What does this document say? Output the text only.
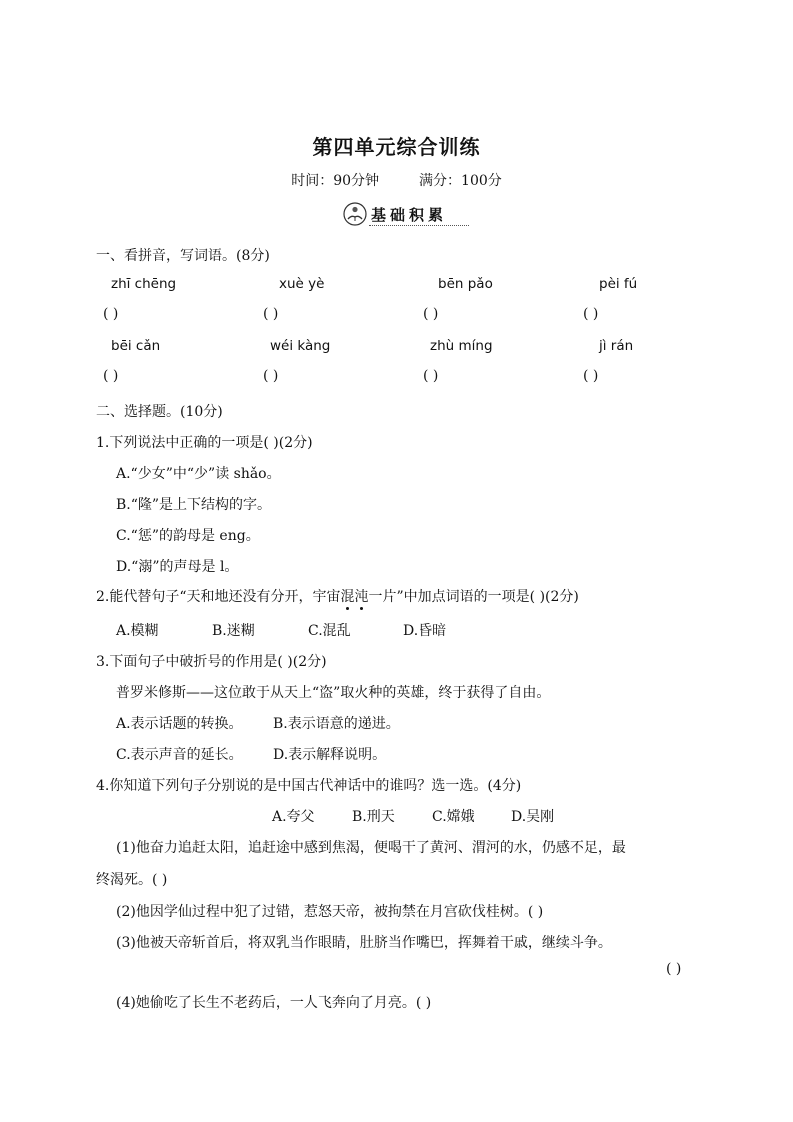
第四单元综合训练
时间：90分钟	满分：100分
基础积累
一、看拼音，写词语。(8分)
zhī chēng	xuè yè	bēn pǎo	pèi fú
( )	( )	( )	( )
bēi cǎn	wéi kàng	zhù míng	jì rán
( )	( )	( )	( )
二、选择题。(10分)
1.下列说法中正确的一项是( )(2分)
A.“少女”中“少”读 shǎo。
B.“隆”是上下结构的字。
C.“惩”的韵母是 eng。
D.“溺”的声母是 l。
2.能代替句子“天和地还没有分开，宇宙混沌一片”中加点词语的一项是( )(2分)
A.模糊	B.迷糊	C.混乱	D.昏暗
3.下面句子中破折号的作用是( )(2分)
普罗米修斯——这位敢于从天上“盗”取火种的英雄，终于获得了自由。
A.表示话题的转换。 B.表示语意的递进。
C.表示声音的延长。 D.表示解释说明。
4.你知道下列句子分别说的是中国古代神话中的谁吗？选一选。(4分)
A.夸父	B.刑天	C.嫦娥	D.吴刚
(1)他奋力追赶太阳，追赶途中感到焦渴，便喝干了黄河、渭河的水，仍感不足，最
终渴死。( )
(2)他因学仙过程中犯了过错，惹怒天帝，被拘禁在月宫砍伐桂树。( )
(3)他被天帝斩首后，将双乳当作眼睛，肚脐当作嘴巴，挥舞着干戚，继续斗争。
( )
(4)她偷吃了长生不老药后，一人飞奔向了月亮。( )
